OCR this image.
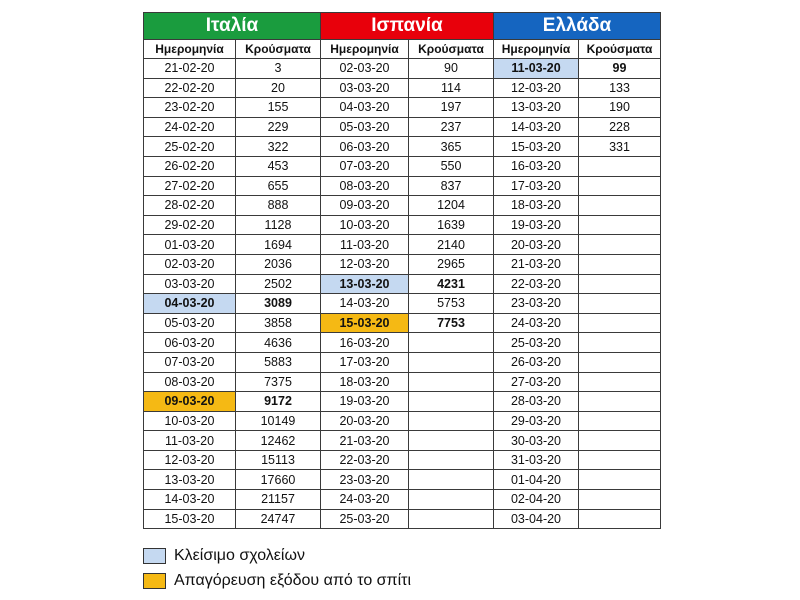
Ιταλία		Ισπανία		Ελλάδα	
Ημερομηνία	Κρούσματα	Ημερομηνία	Κρούσματα	Ημερομηνία	Κρούσματα
21-02-20	3	02-03-20	90	11-03-20	99
22-02-20	20	03-03-20	114	12-03-20	133
23-02-20	155	04-03-20	197	13-03-20	190
24-02-20	229	05-03-20	237	14-03-20	228
25-02-20	322	06-03-20	365	15-03-20	331
26-02-20	453	07-03-20	550	16-03-20	
27-02-20	655	08-03-20	837	17-03-20	
28-02-20	888	09-03-20	1204	18-03-20	
29-02-20	1128	10-03-20	1639	19-03-20	
01-03-20	1694	11-03-20	2140	20-03-20	
02-03-20	2036	12-03-20	2965	21-03-20	
03-03-20	2502	13-03-20	4231	22-03-20	
04-03-20	3089	14-03-20	5753	23-03-20	
05-03-20	3858	15-03-20	7753	24-03-20	
06-03-20	4636	16-03-20		25-03-20	
07-03-20	5883	17-03-20		26-03-20	
08-03-20	7375	18-03-20		27-03-20	
09-03-20	9172	19-03-20		28-03-20	
10-03-20	10149	20-03-20		29-03-20	
11-03-20	12462	21-03-20		30-03-20	
12-03-20	15113	22-03-20		31-03-20	
13-03-20	17660	23-03-20		01-04-20	
14-03-20	21157	24-03-20		02-04-20	
15-03-20	24747	25-03-20		03-04-20	
Κλείσιμο σχολείων
Απαγόρευση εξόδου από το σπίτι
